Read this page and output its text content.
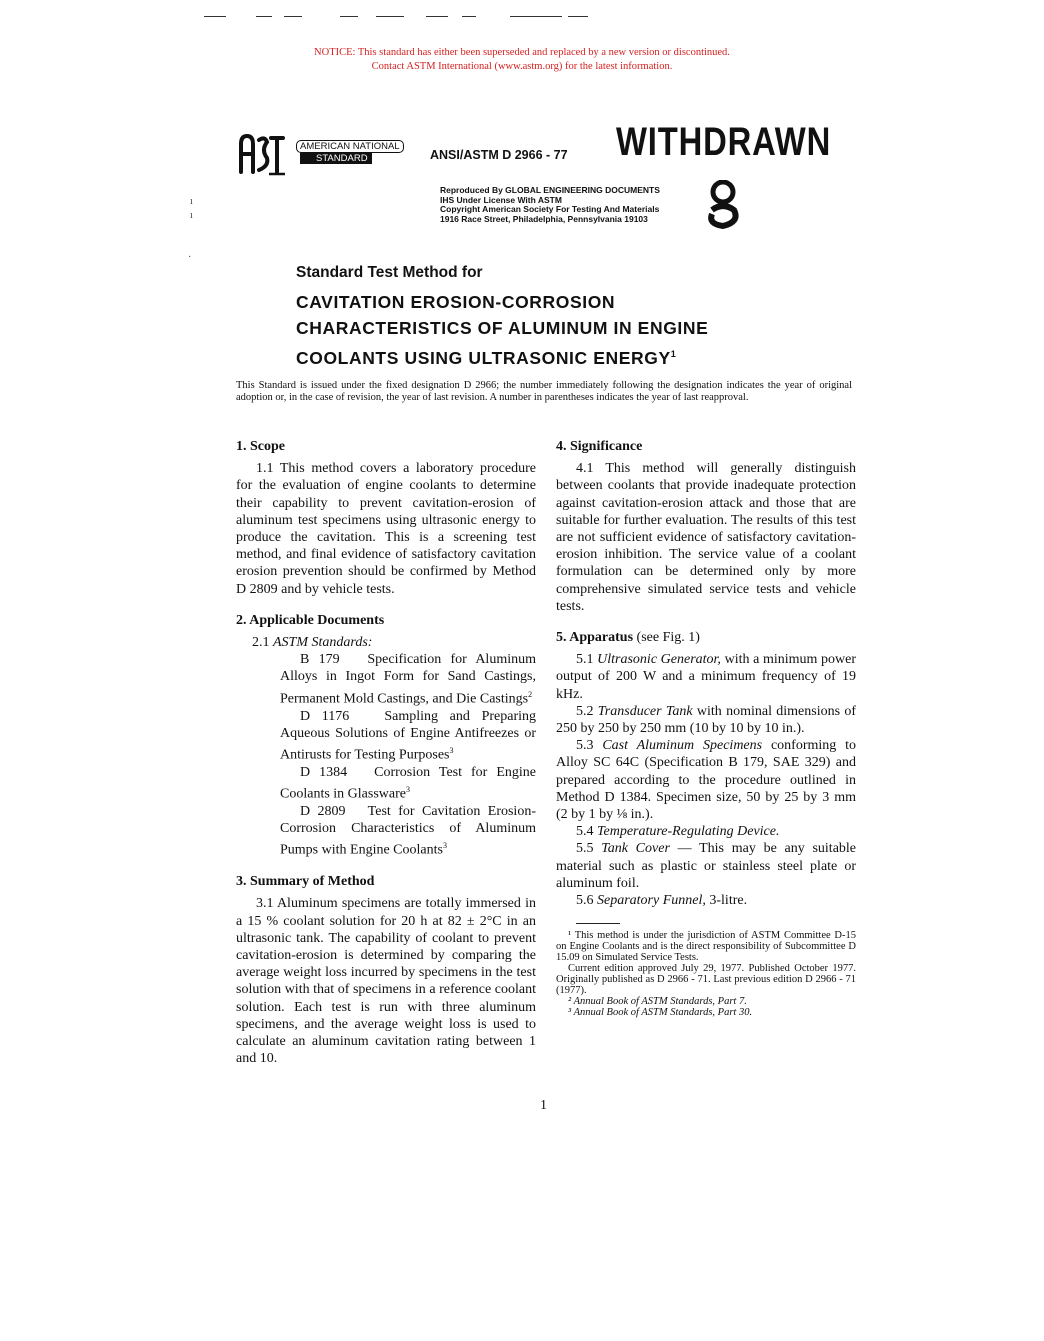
NOTICE: This standard has either been superseded and replaced by a new version or discontinued.
Contact ASTM International (www.astm.org) for the latest information.
AMERICAN NATIONAL
STANDARD	ANSI/ASTM D 2966 - 77 WITHDRAWN
Reproduced By GLOBAL ENGINEERING DOCUMENTS
IHS Under License With ASTM
Copyright American Society For Testing And Materials
1916 Race Street, Philadelphia, Pennsylvania 19103
ı
ı
·
Standard Test Method for
CAVITATION EROSION-CORROSION
CHARACTERISTICS OF ALUMINUM IN ENGINE
COOLANTS USING ULTRASONIC ENERGY$^1$
This Standard is issued under the fixed designation D 2966; the number immediately following the designation indicates the year of original adoption or, in the case of revision, the year of last revision. A number in parentheses indicates the year of last reapproval.
1. Scope

1.1 This method covers a laboratory procedure for the evaluation of engine coolants to determine their capability to prevent cavitation-erosion of aluminum test specimens using ultrasonic energy to produce the cavitation. This is a screening test method, and final evidence of satisfactory cavitation erosion prevention should be confirmed by Method D 2809 and by vehicle tests.

2. Applicable Documents
2.1 ASTM Standards:

B 179 Specification for Aluminum Alloys in Ingot Form for Sand Castings, Permanent Mold Castings, and Die Castings$^2$

D 1176	Sampling and Preparing Aqueous Solutions of Engine Antifreezes or Antirusts for Testing Purposes$^3$

D 1384 Corrosion Test for Engine Coolants in Glassware$^3$

D 2809 Test for Cavitation Erosion-Corrosion Characteristics of Aluminum Pumps with Engine Coolants$^3$

3. Summary of Method

3.1 Aluminum specimens are totally immersed in a 15 % coolant solution for 20 h at 82 ± 2°C in an ultrasonic tank. The capability of coolant to prevent cavitation-erosion is determined by comparing the average weight loss incurred by specimens in the test solution with that of specimens in a reference coolant solution. Each test is run with three aluminum specimens, and the average weight loss is used to calculate an aluminum cavitation rating between 1 and 10.

4. Significance

4.1 This method will generally distinguish between coolants that provide inadequate protection against cavitation-erosion attack and those that are suitable for further evaluation. The results of this test are not sufficient evidence of satisfactory cavitation-erosion inhibition. The service value of a coolant formulation can be determined only by more comprehensive simulated service tests and vehicle tests.

5. Apparatus (see Fig. 1)

5.1 Ultrasonic Generator, with a minimum power output of 200 W and a minimum frequency of 19 kHz.

5.2 Transducer Tank with nominal dimensions of 250 by 250 by 250 mm (10 by 10 by 10 in.).

5.3 Cast Aluminum Specimens conforming to Alloy SC 64C (Specification B 179, SAE 329) and prepared according to the procedure outlined in Method D 1384. Specimen size, 50 by 25 by 3 mm (2 by 1 by ⅛ in.).

5.4 Temperature-Regulating Device.

5.5 Tank Cover — This may be any suitable material such as plastic or stainless steel plate or aluminum foil.

5.6 Separatory Funnel, 3-litre.

¹ This method is under the jurisdiction of ASTM Committee D-15 on Engine Coolants and is the direct responsibility of Subcommittee D 15.09 on Simulated Service Tests.

Current edition approved July 29, 1977. Published October 1977. Originally published as D 2966 - 71. Last previous edition D 2966 - 71 (1977).

² Annual Book of ASTM Standards, Part 7.

³ Annual Book of ASTM Standards, Part 30.

1
